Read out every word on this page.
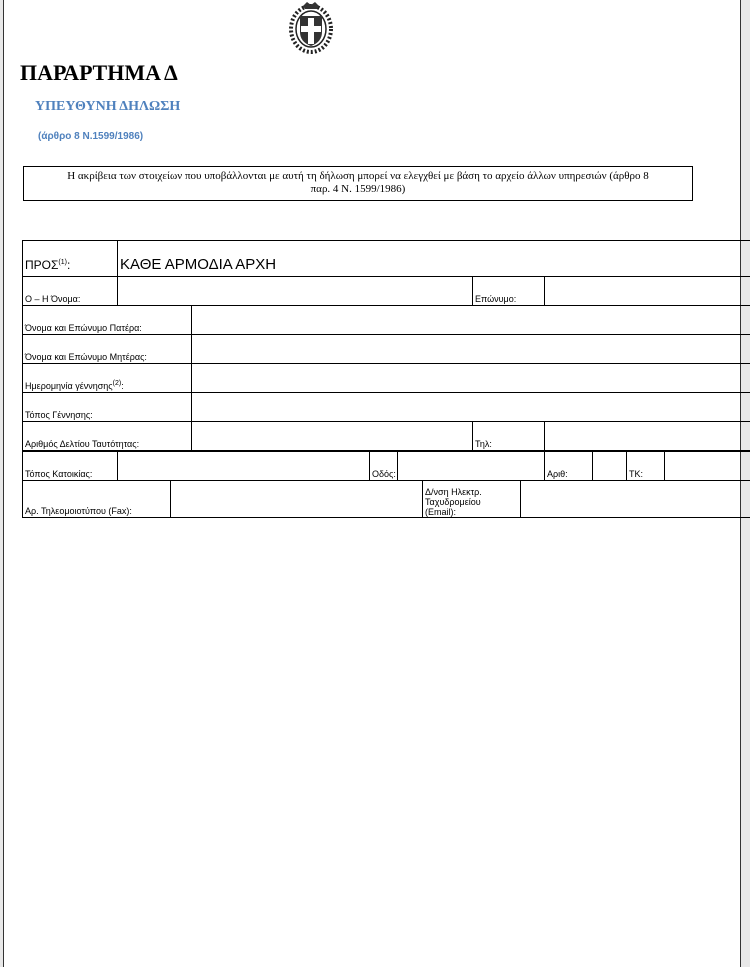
ΠΑΡΑΡΤΗΜΑ Δ
ΥΠΕΥΘΥΝΗ ΔΗΛΩΣΗ
(άρθρο 8 Ν.1599/1986)
Η ακρίβεια των στοιχείων που υποβάλλονται με αυτή τη δήλωση μπορεί να ελεγχθεί με βάση το αρχείο άλλων υπηρεσιών (άρθρο 8
παρ. 4 Ν. 1599/1986)
ΠΡΟΣ$^{(1)}$:	ΚΑΘΕ ΑΡΜΟΔΙΑ ΑΡΧΗ											
Ο – Η Όνομα:							Επώνυμο:					
Όνομα και Επώνυμο Πατέρα:												
Όνομα και Επώνυμο Μητέρας:												
Ημερομηνία γέννησης$^{(2)}$:												
Τόπος Γέννησης:												
Αριθμός Δελτίου Ταυτότητας:							Τηλ:					
Τόπος Κατοικίας:				Οδός:					Αριθ:		ΤΚ:	
Αρ. Τηλεομοιοτύπου (Fax):						Δ/νση Ηλεκτρ.
Ταχυδρομείου
(Email):						
